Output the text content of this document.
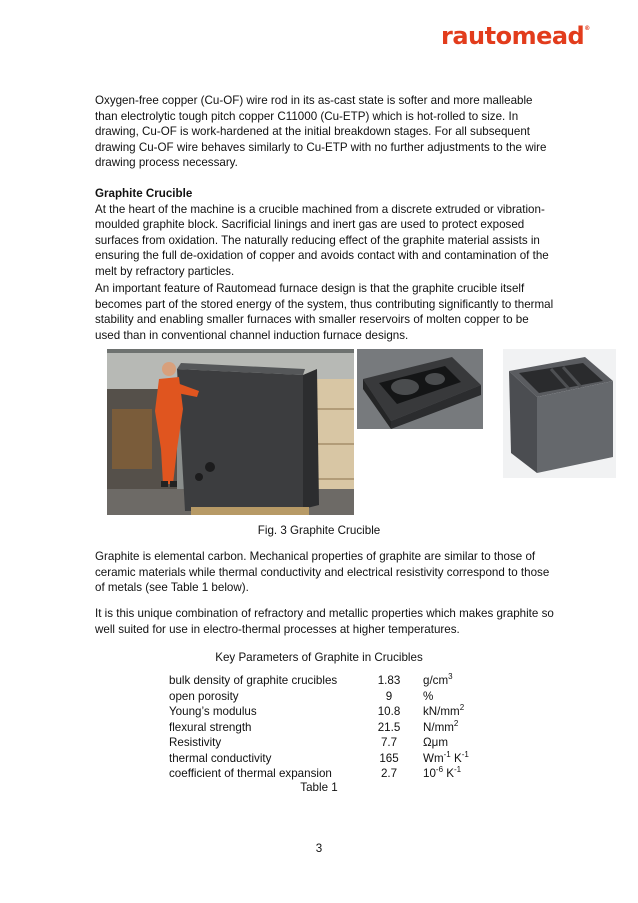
rautomead®

Oxygen-free copper (Cu-OF) wire rod in its as-cast state is softer and more malleable than electrolytic tough pitch copper C11000 (Cu-ETP) which is hot-rolled to size. In drawing, Cu-OF is work-hardened at the initial breakdown stages. For all subsequent drawing Cu-OF wire behaves similarly to Cu-ETP with no further adjustments to the wire drawing process necessary.

Graphite Crucible
At the heart of the machine is a crucible machined from a discrete extruded or vibration-moulded graphite block. Sacrificial linings and inert gas are used to protect exposed surfaces from oxidation. The naturally reducing effect of the graphite material assists in ensuring the full de-oxidation of copper and avoids contact with and contamination of the melt by refractory particles.

An important feature of Rautomead furnace design is that the graphite crucible itself becomes part of the stored energy of the system, thus contributing significantly to thermal stability and enabling smaller furnaces with smaller reservoirs of molten copper to be used than in conventional channel induction furnace designs.

Fig. 3 Graphite Crucible

Graphite is elemental carbon. Mechanical properties of graphite are similar to those of ceramic materials while thermal conductivity and electrical resistivity correspond to those of metals (see Table 1 below).

It is this unique combination of refractory and metallic properties which makes graphite so well suited for use in electro-thermal processes at higher temperatures.

Key Parameters of Graphite in Crucibles
bulk density of graphite crucibles	1.83	$g/cm^3$
open porosity	9	%
Young’s modulus	10.8	$kN/mm^2$
flexural strength	21.5	$N/mm^2$
Resistivity	7.7	Ωμm
thermal conductivity	165	$Wm^{-1}$ $K^{-1}$
coefficient of thermal expansion	2.7	$10^{-6}$ $K^{-1}$
Table 1
3
